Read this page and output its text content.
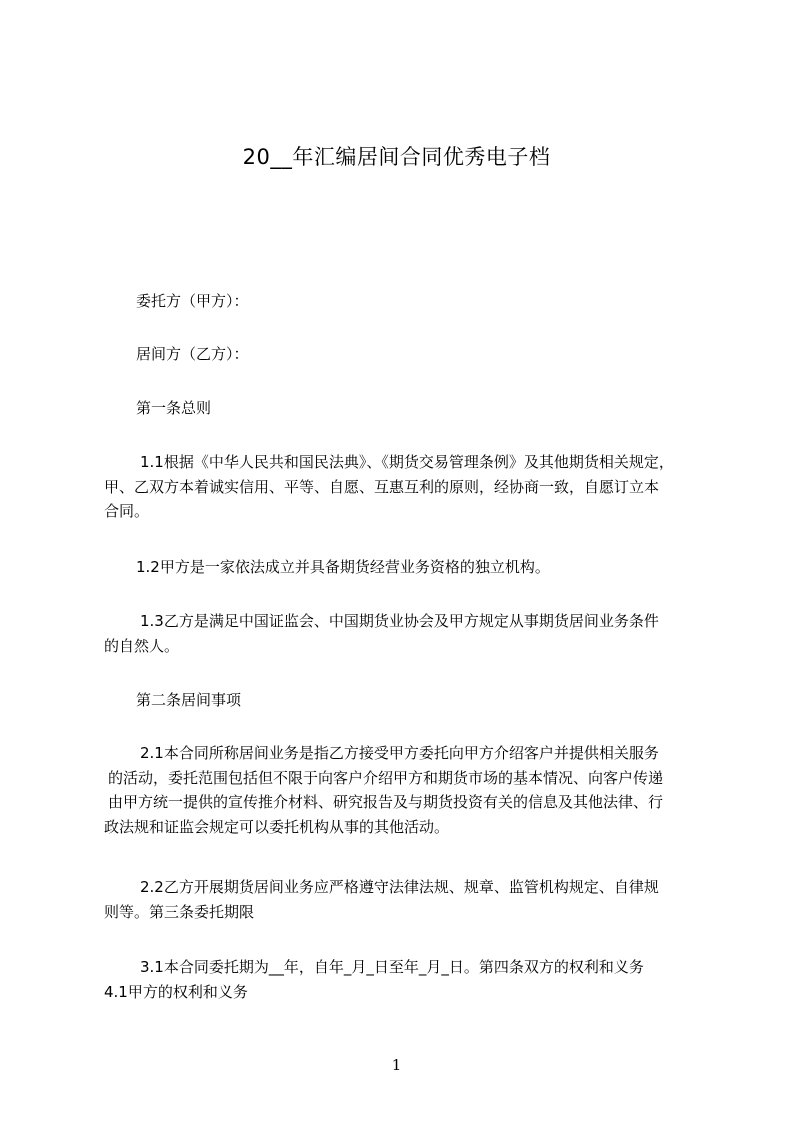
20__年汇编居间合同优秀电子档

委托方（甲方）：

居间方（乙方）：

第一条总则

1.1根据《中华人民共和国民法典》、《期货交易管理条例》及其他期货相关规定，
甲、乙双方本着诚实信用、平等、自愿、互惠互利的原则，经协商一致，自愿订立本
合同。

1.2甲方是一家依法成立并具备期货经营业务资格的独立机构。

1.3乙方是满足中国证监会、中国期货业协会及甲方规定从事期货居间业务条件
的自然人。

第二条居间事项

2.1本合同所称居间业务是指乙方接受甲方委托向甲方介绍客户并提供相关服务
的活动，委托范围包括但不限于向客户介绍甲方和期货市场的基本情况、向客户传递
由甲方统一提供的宣传推介材料、研究报告及与期货投资有关的信息及其他法律、行
政法规和证监会规定可以委托机构从事的其他活动。

2.2乙方开展期货居间业务应严格遵守法律法规、规章、监管机构规定、自律规
则等。第三条委托期限

3.1本合同委托期为__年，自年_月_日至年_月_日。第四条双方的权利和义务
4.1甲方的权利和义务

1
